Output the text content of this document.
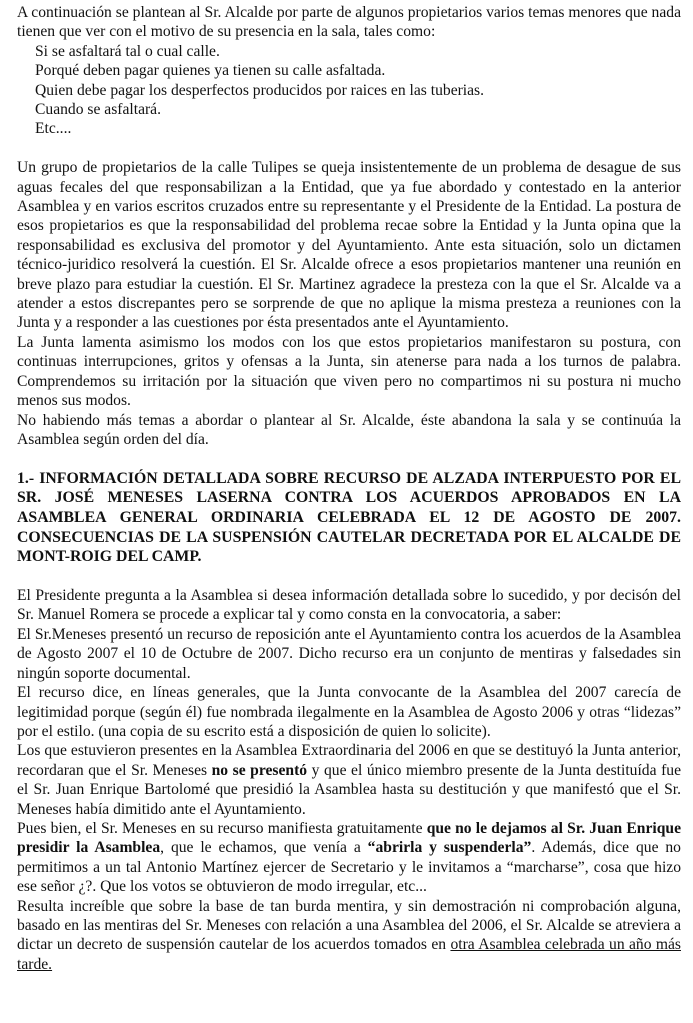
A continuación se plantean al Sr. Alcalde por parte de algunos propietarios varios temas menores que nada tienen que ver con el motivo de su presencia en la sala, tales como:

Si se asfaltará tal o cual calle.
Porqué deben pagar quienes ya tienen su calle asfaltada.
Quien debe pagar los desperfectos producidos por raices en las tuberias.
Cuando se asfaltará.
Etc....

Un grupo de propietarios de la calle Tulipes se queja insistentemente de un problema de desague de sus aguas fecales del que responsabilizan a la Entidad, que ya fue abordado y contestado en la anterior Asamblea y en varios escritos cruzados entre su representante y el Presidente de la Entidad. La postura de esos propietarios es que la responsabilidad del problema recae sobre la Entidad y la Junta opina que la responsabilidad es exclusiva del promotor y del Ayuntamiento. Ante esta situación, solo un dictamen técnico-juridico resolverá la cuestión. El Sr. Alcalde ofrece a esos propietarios mantener una reunión en breve plazo para estudiar la cuestión. El Sr. Martinez agradece la presteza con la que el Sr. Alcalde va a atender a estos discrepantes pero se sorprende de que no aplique la misma presteza a reuniones con la Junta y a responder a las cuestiones por ésta presentados ante el Ayuntamiento.

La Junta lamenta asimismo los modos con los que estos propietarios manifestaron su postura, con continuas interrupciones, gritos y ofensas a la Junta, sin atenerse para nada a los turnos de palabra. Comprendemos su irritación por la situación que viven pero no compartimos ni su postura ni mucho menos sus modos.

No habiendo más temas a abordar o plantear al Sr. Alcalde, éste abandona la sala y se continuúa la Asamblea según orden del día.

1.- INFORMACIÓN DETALLADA SOBRE RECURSO DE ALZADA INTERPUESTO POR EL SR. JOSÉ MENESES LASERNA CONTRA LOS ACUERDOS APROBADOS EN LA ASAMBLEA GENERAL ORDINARIA CELEBRADA EL 12 DE AGOSTO DE 2007. CONSECUENCIAS DE LA SUSPENSIÓN CAUTELAR DECRETADA POR EL ALCALDE DE MONT-ROIG DEL CAMP.

El Presidente pregunta a la Asamblea si desea información detallada sobre lo sucedido, y por decisón del Sr. Manuel Romera se procede a explicar tal y como consta en la convocatoria, a saber:

El Sr.Meneses presentó un recurso de reposición ante el Ayuntamiento contra los acuerdos de la Asamblea de Agosto 2007 el 10 de Octubre de 2007. Dicho recurso era un conjunto de mentiras y falsedades sin ningún soporte documental.

El recurso dice, en líneas generales, que la Junta convocante de la Asamblea del 2007 carecía de legitimidad porque (según él) fue nombrada ilegalmente en la Asamblea de Agosto 2006 y otras “lidezas” por el estilo. (una copia de su escrito está a disposición de quien lo solicite).

Los que estuvieron presentes en la Asamblea Extraordinaria del 2006 en que se destituyó la Junta anterior, recordaran que el Sr. Meneses no se presentó y que el único miembro presente de la Junta destituída fue el Sr. Juan Enrique Bartolomé que presidió la Asamblea hasta su destitución y que manifestó que el Sr. Meneses había dimitido ante el Ayuntamiento.

Pues bien, el Sr. Meneses en su recurso manifiesta gratuitamente que no le dejamos al Sr. Juan Enrique presidir la Asamblea, que le echamos, que venía a “abrirla y suspenderla”. Además, dice que no permitimos a un tal Antonio Martínez ejercer de Secretario y le invitamos a “marcharse”, cosa que hizo ese señor ¿?. Que los votos se obtuvieron de modo irregular, etc...

Resulta increíble que sobre la base de tan burda mentira, y sin demostración ni comprobación alguna, basado en las mentiras del Sr. Meneses con relación a una Asamblea del 2006, el Sr. Alcalde se atreviera a dictar un decreto de suspensión cautelar de los acuerdos tomados en otra Asamblea celebrada un año más tarde.
